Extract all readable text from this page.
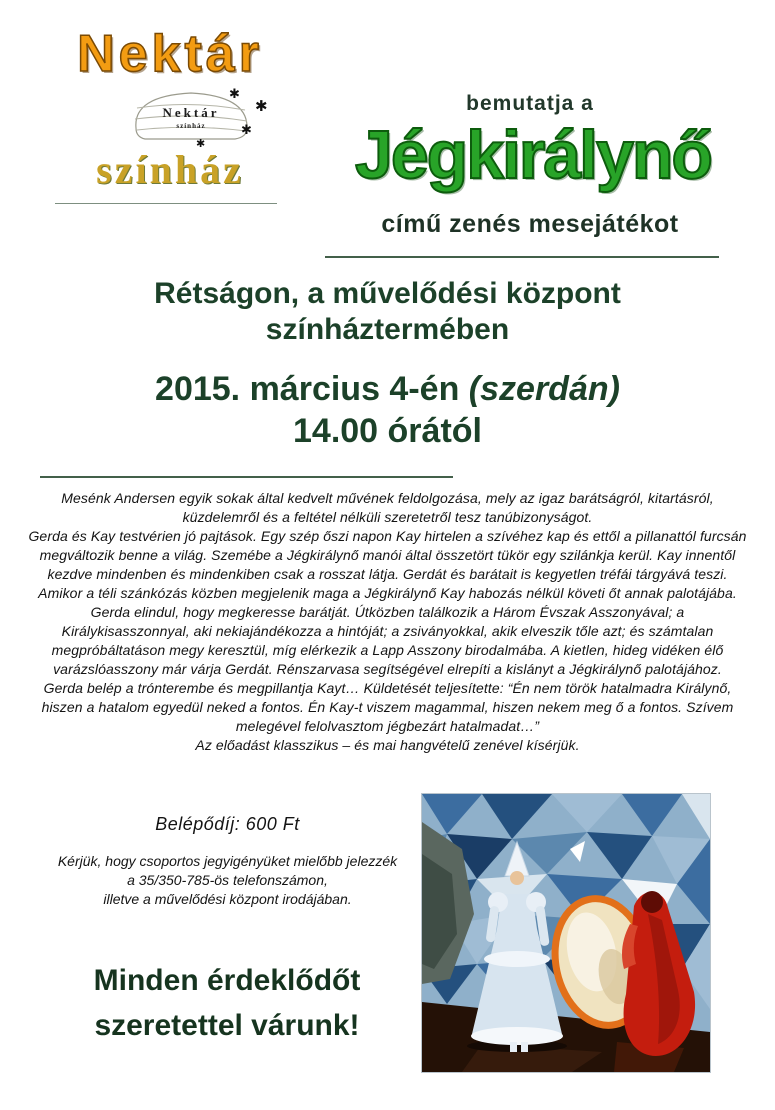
Nektár
Nektár
színház
✱
✱
✱
✱
színház
bemutatja a
Jégkirálynő
című zenés mesejátékot
Rétságon, a művelődési központ
színháztermében
2015. március 4-én (szerdán)
14.00 órától

Mesénk Andersen egyik sokak által kedvelt művének feldolgozása, mely az igaz barátságról, kitartásról, küzdelemről és a feltétel nélküli szeretetről tesz tanúbizonyságot.

Gerda és Kay testvérien jó pajtások. Egy szép őszi napon Kay hirtelen a szívéhez kap és ettől a pillanattól furcsán megváltozik benne a világ. Szemébe a Jégkirálynő manói által összetört tükör egy szilánkja kerül. Kay innentől kezdve mindenben és mindenkiben csak a rosszat látja. Gerdát és barátait is kegyetlen tréfái tárgyává teszi. Amikor a téli szánkózás közben megjelenik maga a Jégkirálynő Kay habozás nélkül követi őt annak palotájába.

Gerda elindul, hogy megkeresse barátját. Útközben találkozik a Három Évszak Asszonyával; a Királykisasszonnyal, aki nekiajándékozza a hintóját; a zsiványokkal, akik elveszik tőle azt; és számtalan megpróbáltatáson megy keresztül, míg elérkezik a Lapp Asszony birodalmába. A kietlen, hideg vidéken élő varázslóasszony már várja Gerdát. Rénszarvasa segítségével elrepíti a kislányt a Jégkirálynő palotájához.

Gerda belép a trónterembe és megpillantja Kayt… Küldetését teljesítette: “Én nem török hatalmadra Királynő, hiszen a hatalom egyedül neked a fontos. Én Kay-t viszem magammal, hiszen nekem meg ő a fontos. Szívem melegével felolvasztom jégbezárt hatalmadat…”

Az előadást klasszikus – és mai hangvételű zenével kísérjük.

Belépődíj: 600 Ft
Kérjük, hogy csoportos jegyigényüket mielőbb jelezzék
a 35/350-785-ös telefonszámon,
illetve a művelődési központ irodájában.
Minden érdeklődőt
szeretettel várunk!
